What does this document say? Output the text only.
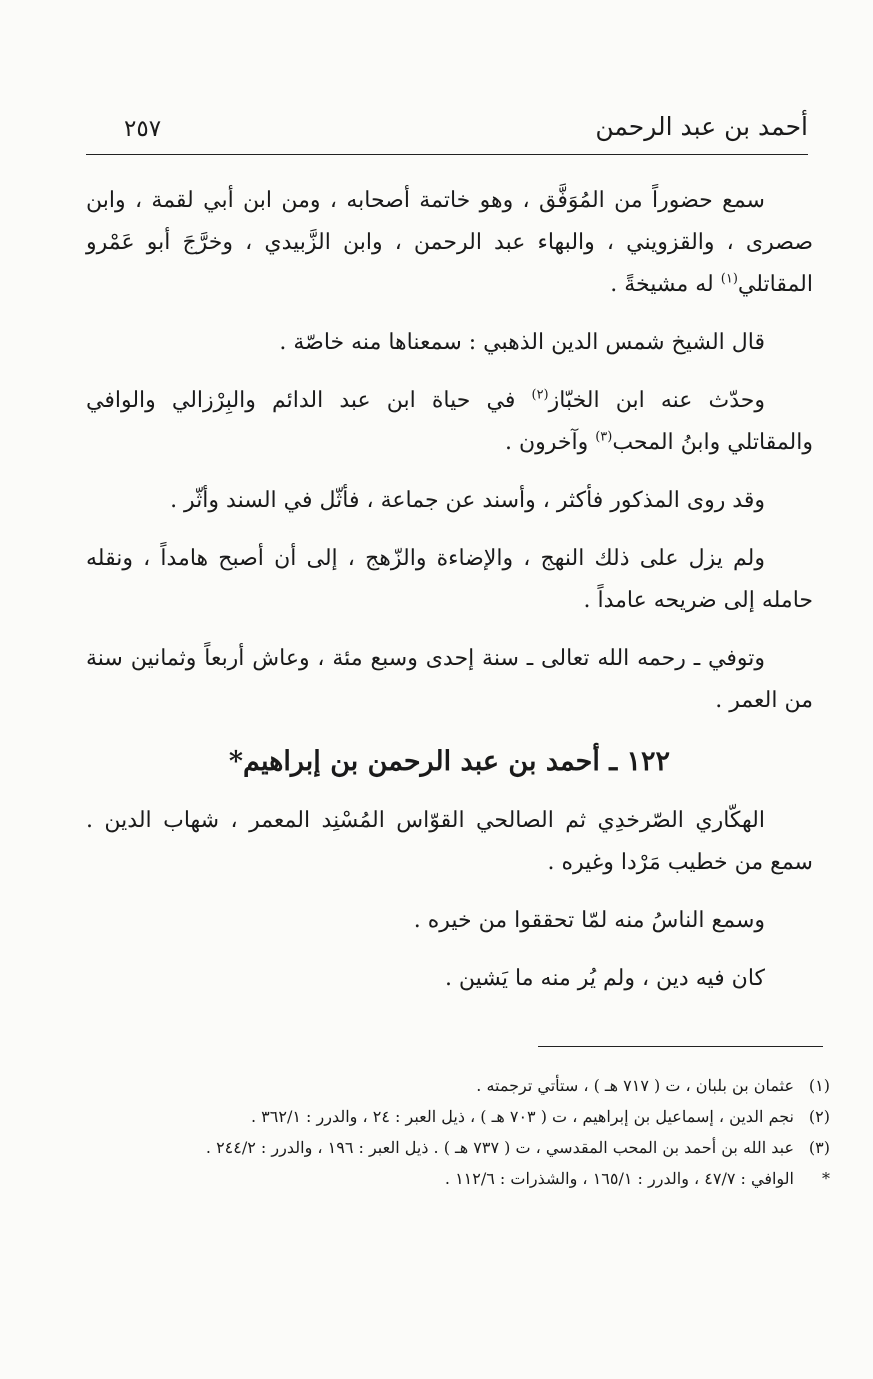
أحمد بن عبد الرحمن
٢٥٧

سمع حضوراً من المُوَفَّق ، وهو خاتمة أصحابه ، ومن ابن أبي لقمة ، وابن صصرى ، والقزويني ، والبهاء عبد الرحمن ، وابن الزَّبيدي ، وخرَّجَ أبو عَمْرو المقاتلي$^{(١)}$ له مشيخةً .

قال الشيخ شمس الدين الذهبي : سمعناها منه خاصّة .

وحدّث عنه ابن الخبّاز$^{(٢)}$ في حياة ابن عبد الدائم والبِرْزالي والوافي والمقاتلي وابنُ المحب$^{(٣)}$ وآخرون .

وقد روى المذكور فأكثر ، وأسند عن جماعة ، فأثّل في السند وأثّر .

ولم يزل على ذلك النهج ، والإضاءة والزّهج ، إلى أن أصبح هامداً ، ونقله حامله إلى ضريحه عامداً .

وتوفي ـ رحمه الله تعالى ـ سنة إحدى وسبع مئة ، وعاش أربعاً وثمانين سنة من العمر .

١٢٢ ـ أحمد بن عبد الرحمن بن إبراهيم*

الهكّاري الصّرخدِي ثم الصالحي القوّاس المُسْنِد المعمر ، شهاب الدين . سمع من خطيب مَرْدا وغيره .

وسمع الناسُ منه لمّا تحققوا من خيره .

كان فيه دين ، ولم يُر منه ما يَشين .

(١)
عثمان بن بلبان ، ت ( ٧١٧ هـ ) ، ستأتي ترجمته .
(٢)
نجم الدين ، إسماعيل بن إبراهيم ، ت ( ٧٠٣ هـ ) ، ذيل العبر : ٢٤ ، والدرر : ٣٦٢/١ .
(٣)
عبد الله بن أحمد بن المحب المقدسي ، ت ( ٧٣٧ هـ ) . ذيل العبر : ١٩٦ ، والدرر : ٢٤٤/٢ .
*
الوافي : ٤٧/٧ ، والدرر : ١٦٥/١ ، والشذرات : ١١٢/٦ .
